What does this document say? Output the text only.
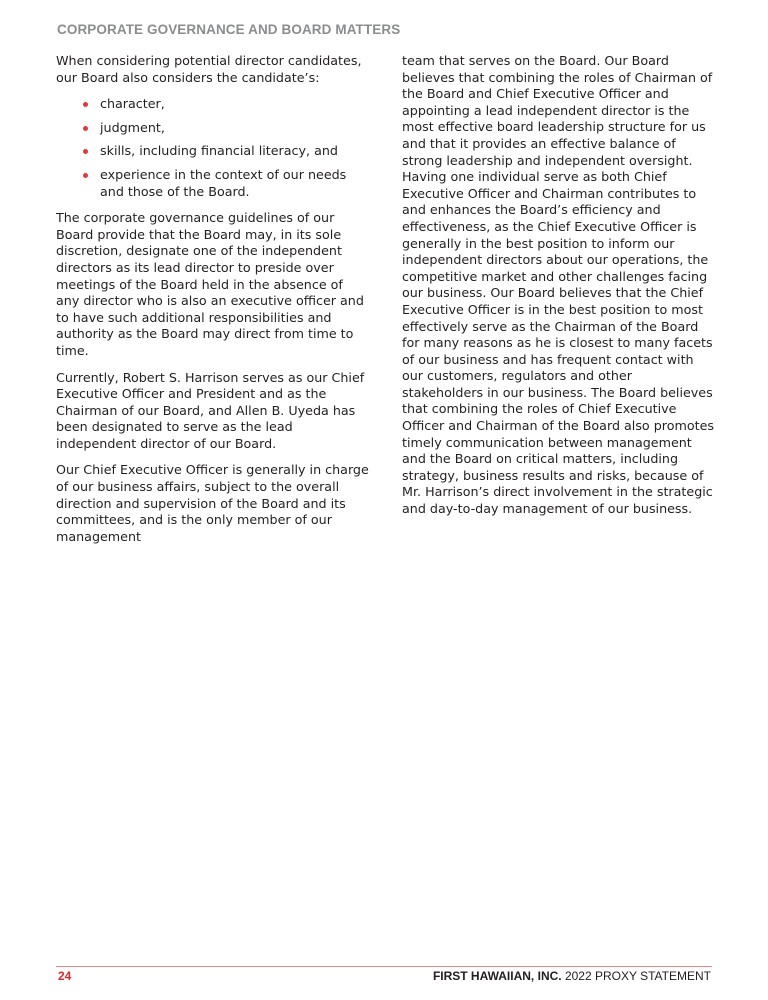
CORPORATE GOVERNANCE AND BOARD MATTERS

When considering potential director candidates, our Board also considers the candidate’s:

character,
judgment,
skills, including financial literacy, and
experience in the context of our needs and those of the Board.

The corporate governance guidelines of our Board provide that the Board may, in its sole discretion, designate one of the independent directors as its lead director to preside over meetings of the Board held in the absence of any director who is also an executive officer and to have such additional responsibilities and authority as the Board may direct from time to time.

Currently, Robert S. Harrison serves as our Chief Executive Officer and President and as the Chairman of our Board, and Allen B. Uyeda has been designated to serve as the lead independent director of our Board.

Our Chief Executive Officer is generally in charge of our business affairs, subject to the overall direction and supervision of the Board and its committees, and is the only member of our management

team that serves on the Board. Our Board believes that combining the roles of Chairman of the Board and Chief Executive Officer and appointing a lead independent director is the most effective board leadership structure for us and that it provides an effective balance of strong leadership and independent oversight. Having one individual serve as both Chief Executive Officer and Chairman contributes to and enhances the Board’s efficiency and effectiveness, as the Chief Executive Officer is generally in the best position to inform our independent directors about our operations, the competitive market and other challenges facing our business. Our Board believes that the Chief Executive Officer is in the best position to most effectively serve as the Chairman of the Board for many reasons as he is closest to many facets of our business and has frequent contact with our customers, regulators and other stakeholders in our business. The Board believes that combining the roles of Chief Executive Officer and Chairman of the Board also promotes timely communication between management and the Board on critical matters, including strategy, business results and risks, because of Mr. Harrison’s direct involvement in the strategic and day-to-day management of our business.

24	FIRST HAWAIIAN, INC. 2022 PROXY STATEMENT
